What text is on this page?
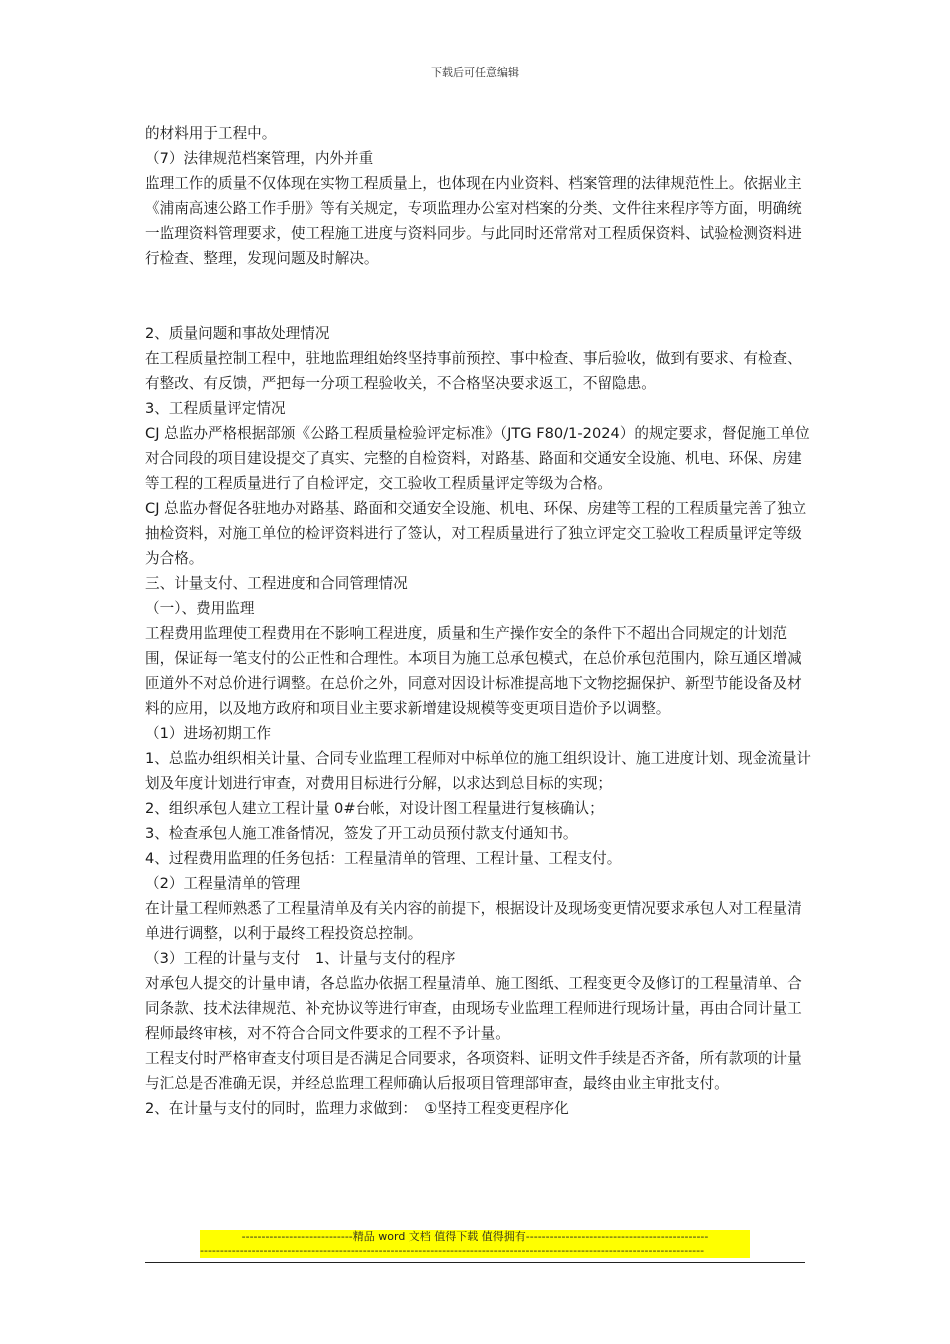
下载后可任意编辑

的材料用于工程中。

（7）法律规范档案管理，内外并重

监理工作的质量不仅体现在实物工程质量上，也体现在内业资料、档案管理的法律规范性上。依据业主《浦南高速公路工作手册》等有关规定，专项监理办公室对档案的分类、文件往来程序等方面，明确统一监理资料管理要求，使工程施工进度与资料同步。与此同时还常常对工程质保资料、试验检测资料进行检查、整理，发现问题及时解决。

2、质量问题和事故处理情况

在工程质量控制工程中，驻地监理组始终坚持事前预控、事中检查、事后验收，做到有要求、有检查、有整改、有反馈，严把每一分项工程验收关，不合格坚决要求返工，不留隐患。

3、工程质量评定情况

CJ 总监办严格根据部颁《公路工程质量检验评定标准》（JTG F80/1-2024）的规定要求，督促施工单位对合同段的项目建设提交了真实、完整的自检资料，对路基、路面和交通安全设施、机电、环保、房建等工程的工程质量进行了自检评定，交工验收工程质量评定等级为合格。

CJ 总监办督促各驻地办对路基、路面和交通安全设施、机电、环保、房建等工程的工程质量完善了独立抽检资料，对施工单位的检评资料进行了签认，对工程质量进行了独立评定交工验收工程质量评定等级为合格。

三、计量支付、工程进度和合同管理情况

（一）、费用监理

工程费用监理使工程费用在不影响工程进度，质量和生产操作安全的条件下不超出合同规定的计划范围，保证每一笔支付的公正性和合理性。本项目为施工总承包模式，在总价承包范围内，除互通区增减匝道外不对总价进行调整。在总价之外，同意对因设计标准提高地下文物挖掘保护、新型节能设备及材料的应用，以及地方政府和项目业主要求新增建设规模等变更项目造价予以调整。

（1）进场初期工作

1、总监办组织相关计量、合同专业监理工程师对中标单位的施工组织设计、施工进度计划、现金流量计划及年度计划进行审查，对费用目标进行分解，以求达到总目标的实现；

2、组织承包人建立工程计量 0#台帐，对设计图工程量进行复核确认；

3、检查承包人施工准备情况，签发了开工动员预付款支付通知书。

4、过程费用监理的任务包括：工程量清单的管理、工程计量、工程支付。

（2）工程量清单的管理

在计量工程师熟悉了工程量清单及有关内容的前提下，根据设计及现场变更情况要求承包人对工程量清单进行调整，以利于最终工程投资总控制。

（3）工程的计量与支付　1、计量与支付的程序

对承包人提交的计量申请，各总监办依据工程量清单、施工图纸、工程变更令及修订的工程量清单、合同条款、技术法律规范、补充协议等进行审查，由现场专业监理工程师进行现场计量，再由合同计量工程师最终审核，对不符合合同文件要求的工程不予计量。

工程支付时严格审查支付项目是否满足合同要求，各项资料、证明文件手续是否齐备，所有款项的计量与汇总是否准确无误，并经总监理工程师确认后报项目管理部审查，最终由业主审批支付。

2、在计量与支付的同时，监理力求做到：　①坚持工程变更程序化

----------------------------精品 word 文档 值得下载 值得拥有----------------------------------------------
-------------------------------------------------------------------------------------------------------------------------------
